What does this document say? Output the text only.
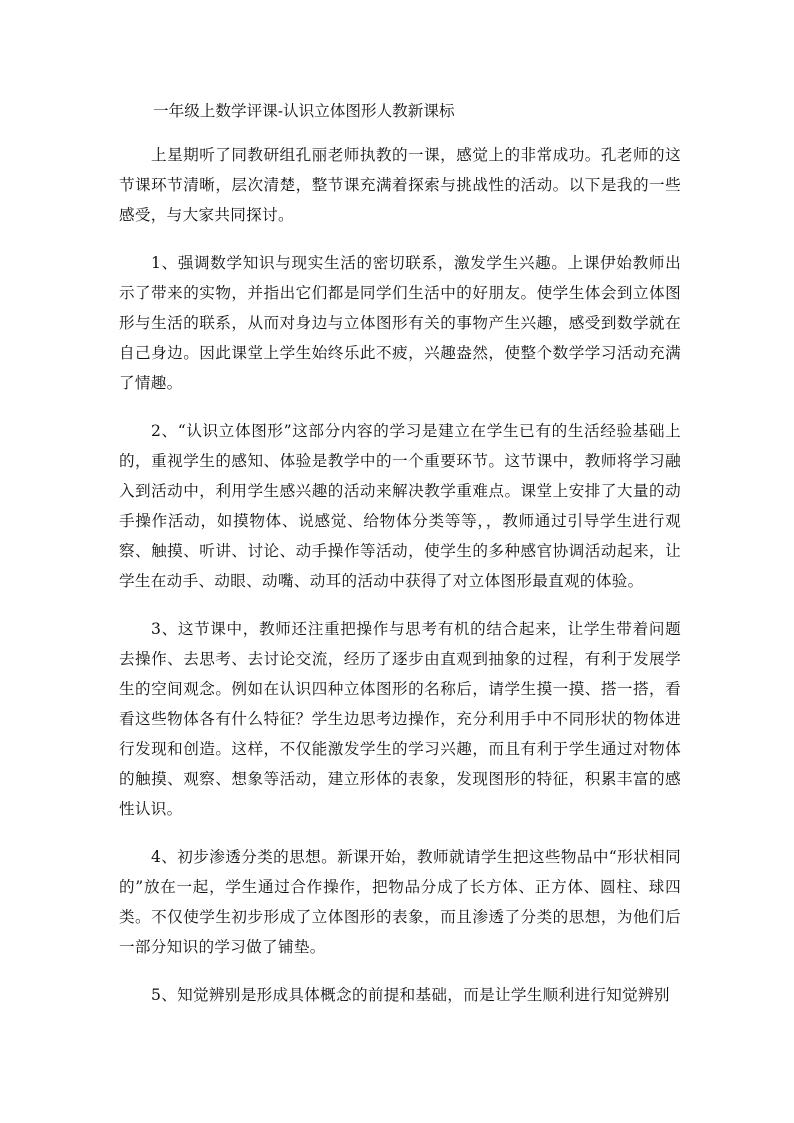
一年级上数学评课-认识立体图形人教新课标

上星期听了同教研组孔丽老师执教的一课，感觉上的非常成功。孔老师的这节课环节清晰，层次清楚，整节课充满着探索与挑战性的活动。以下是我的一些感受，与大家共同探讨。

1、强调数学知识与现实生活的密切联系，激发学生兴趣。上课伊始教师出示了带来的实物，并指出它们都是同学们生活中的好朋友。使学生体会到立体图形与生活的联系，从而对身边与立体图形有关的事物产生兴趣，感受到数学就在自己身边。因此课堂上学生始终乐此不疲，兴趣盎然，使整个数学学习活动充满了情趣。

2、“认识立体图形”这部分内容的学习是建立在学生已有的生活经验基础上的，重视学生的感知、体验是教学中的一个重要环节。这节课中，教师将学习融入到活动中，利用学生感兴趣的活动来解决教学重难点。课堂上安排了大量的动手操作活动，如摸物体、说感觉、给物体分类等等，，教师通过引导学生进行观察、触摸、听讲、讨论、动手操作等活动，使学生的多种感官协调活动起来，让学生在动手、动眼、动嘴、动耳的活动中获得了对立体图形最直观的体验。

3、这节课中，教师还注重把操作与思考有机的结合起来，让学生带着问题去操作、去思考、去讨论交流，经历了逐步由直观到抽象的过程，有利于发展学生的空间观念。例如在认识四种立体图形的名称后，请学生摸一摸、搭一搭，看看这些物体各有什么特征？学生边思考边操作，充分利用手中不同形状的物体进行发现和创造。这样，不仅能激发学生的学习兴趣，而且有利于学生通过对物体的触摸、观察、想象等活动，建立形体的表象，发现图形的特征，积累丰富的感性认识。

4、初步渗透分类的思想。新课开始，教师就请学生把这些物品中“形状相同的”放在一起，学生通过合作操作，把物品分成了长方体、正方体、圆柱、球四类。不仅使学生初步形成了立体图形的表象，而且渗透了分类的思想，为他们后一部分知识的学习做了铺垫。

5、知觉辨别是形成具体概念的前提和基础，而是让学生顺利进行知觉辨别
